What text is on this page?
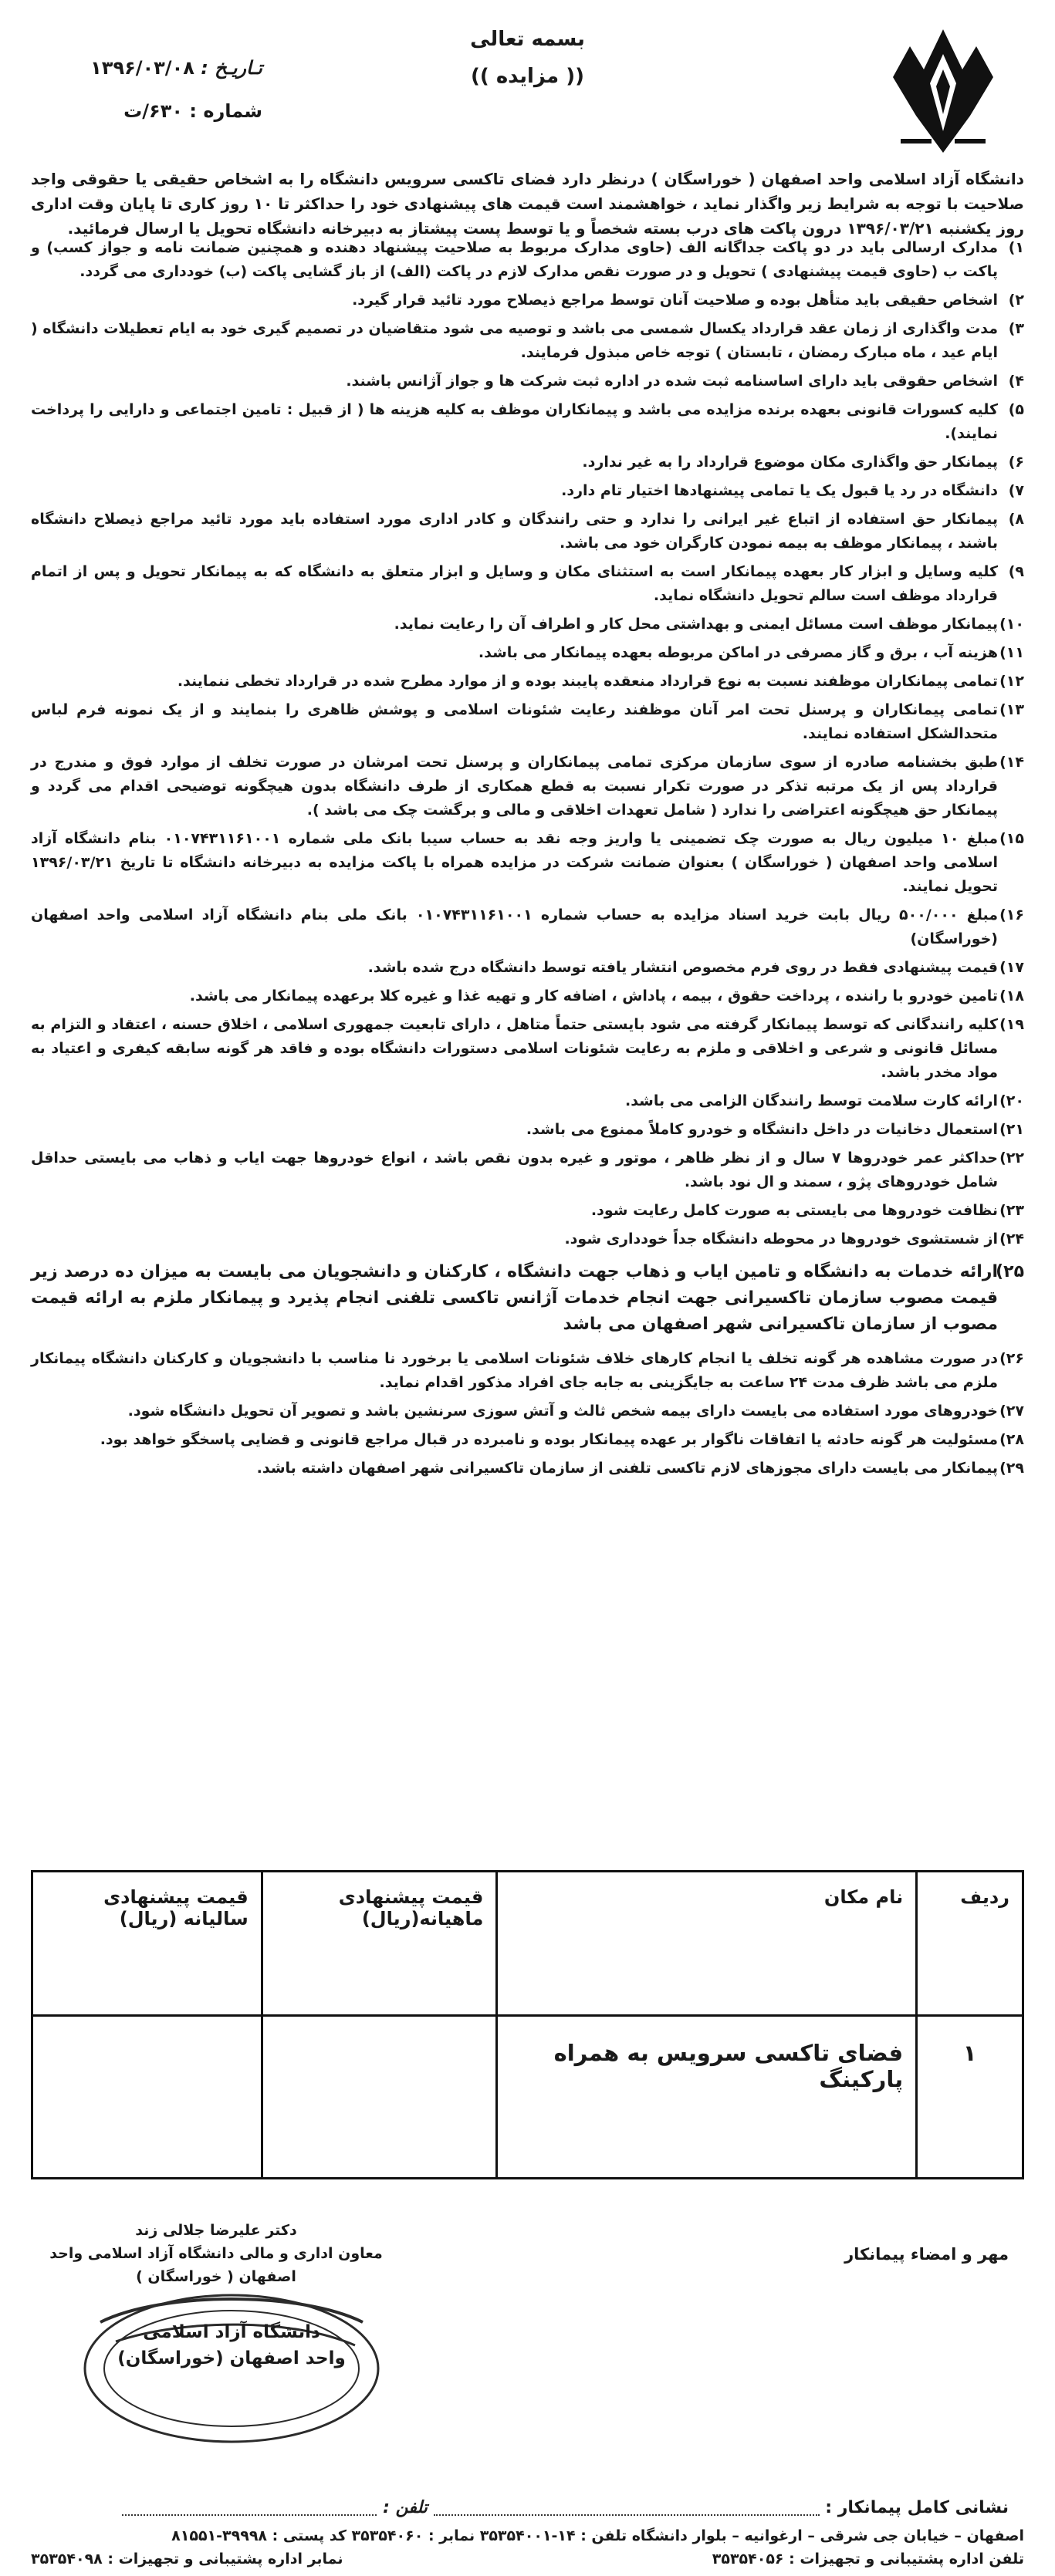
بسمه تعالی

(( مزایده ))

تـاریـخ : ۱۳۹۶/۰۳/۰۸
شماره : ۶۳۰/ت

دانشگاه آزاد اسلامی واحد اصفهان ( خوراسگان ) درنظر دارد فضای تاکسی سرویس دانشگاه را به اشخاص حقیقی یا حقوقی واجد صلاحیت با توجه به شرایط زیر واگذار نماید ، خواهشمند است قیمت های پیشنهادی خود را حداکثر تا ۱۰ روز کاری تا پایان وقت اداری روز یکشنبه ۱۳۹۶/۰۳/۲۱ درون پاکت های درب بسته شخصاً و یا توسط پست پیشتاز به دبیرخانه دانشگاه تحویل یا ارسال فرمائید.

۱)
مدارک ارسالی باید در دو پاکت جداگانه الف (حاوی مدارک مربوط به صلاحیت پیشنهاد دهنده و همچنین ضمانت نامه و جواز کسب) و پاکت ب (حاوی قیمت پیشنهادی ) تحویل و در صورت نقص مدارک لازم در پاکت (الف) از باز گشایی پاکت (ب) خودداری می گردد.
۲)
اشخاص حقیقی باید متأهل بوده و صلاحیت آنان توسط مراجع ذیصلاح مورد تائید قرار گیرد.
۳)
مدت واگذاری از زمان عقد قرارداد یکسال شمسی می باشد و توصیه می شود متقاضیان در تصمیم گیری خود به ایام تعطیلات دانشگاه ( ایام عید ، ماه مبارک رمضان ، تابستان ) توجه خاص مبذول فرمایند.
۴)
اشخاص حقوقی باید دارای اساسنامه ثبت شده در اداره ثبت شرکت ها و جواز آژانس باشند.
۵)
کلیه کسورات قانونی بعهده برنده مزایده می باشد و پیمانکاران موظف به کلیه هزینه ها ( از قبیل : تامین اجتماعی و دارایی را پرداخت نمایند).
۶)
پیمانکار حق واگذاری مکان موضوع قرارداد را به غیر ندارد.
۷)
دانشگاه در رد یا قبول یک یا تمامی پیشنهادها اختیار تام دارد.
۸)
پیمانکار حق استفاده از اتباع غیر ایرانی را ندارد و حتی رانندگان و کادر اداری مورد استفاده باید مورد تائید مراجع ذیصلاح دانشگاه باشند ، پیمانکار موظف به بیمه نمودن کارگران خود می باشد.
۹)
کلیه وسایل و ابزار کار بعهده پیمانکار است به استثنای مکان و وسایل و ابزار متعلق به دانشگاه که به پیمانکار تحویل و پس از اتمام قرارداد موظف است سالم تحویل دانشگاه نماید.
۱۰)
پیمانکار موظف است مسائل ایمنی و بهداشتی محل کار و اطراف آن را رعایت نماید.
۱۱)
هزینه آب ، برق و گاز مصرفی در اماکن مربوطه بعهده پیمانکار می باشد.
۱۲)
تمامی پیمانکاران موظفند نسبت به نوع قرارداد منعقده پایبند بوده و از موارد مطرح شده در قرارداد تخطی ننمایند.
۱۳)
تمامی پیمانکاران و پرسنل تحت امر آنان موظفند رعایت شئونات اسلامی و پوشش ظاهری را بنمایند و از یک نمونه فرم لباس متحدالشکل استفاده نمایند.
۱۴)
طبق بخشنامه صادره از سوی سازمان مرکزی تمامی پیمانکاران و پرسنل تحت امرشان در صورت تخلف از موارد فوق و مندرج در قرارداد پس از یک مرتبه تذکر در صورت تکرار نسبت به قطع همکاری از طرف دانشگاه بدون هیچگونه توضیحی اقدام می گردد و پیمانکار حق هیچگونه اعتراضی را ندارد ( شامل تعهدات اخلاقی و مالی و برگشت چک می باشد ).
۱۵)
مبلغ ۱۰ میلیون ریال به صورت چک تضمینی یا واریز وجه نقد به حساب سیبا بانک ملی شماره ۰۱۰۷۴۳۱۱۶۱۰۰۱ بنام دانشگاه آزاد اسلامی واحد اصفهان ( خوراسگان ) بعنوان ضمانت شرکت در مزایده همراه با پاکت مزایده به دبیرخانه دانشگاه تا تاریخ ۱۳۹۶/۰۳/۲۱ تحویل نمایند.
۱۶)
مبلغ ۵۰۰/۰۰۰ ریال بابت خرید اسناد مزایده به حساب شماره ۰۱۰۷۴۳۱۱۶۱۰۰۱ بانک ملی بنام دانشگاه آزاد اسلامی واحد اصفهان (خوراسگان)
۱۷)
قیمت پیشنهادی فقط در روی فرم مخصوص انتشار یافته توسط دانشگاه درج شده باشد.
۱۸)
تامین خودرو با راننده ، پرداخت حقوق ، بیمه ، پاداش ، اضافه کار و تهیه غذا و غیره کلا برعهده پیمانکار می باشد.
۱۹)
کلیه رانندگانی که توسط پیمانکار گرفته می شود بایستی حتماً متاهل ، دارای تابعیت جمهوری اسلامی ، اخلاق حسنه ، اعتقاد و التزام به مسائل قانونی و شرعی و اخلاقی و ملزم به رعایت شئونات اسلامی دستورات دانشگاه بوده و فاقد هر گونه سابقه کیفری و اعتیاد به مواد مخدر باشد.
۲۰)
ارائه کارت سلامت توسط رانندگان الزامی می باشد.
۲۱)
استعمال دخانیات در داخل دانشگاه و خودرو کاملاً ممنوع می باشد.
۲۲)
حداکثر عمر خودروها ۷ سال و از نظر ظاهر ، موتور و غیره بدون نقص باشد ، انواع خودروها جهت ایاب و ذهاب می بایستی حداقل شامل خودروهای پژو ، سمند و ال نود باشد.
۲۳)
نظافت خودروها می بایستی به صورت کامل رعایت شود.
۲۴)
از شستشوی خودروها در محوطه دانشگاه جداً خودداری شود.
۲۵)
ارائه خدمات به دانشگاه و تامین ایاب و ذهاب جهت دانشگاه ، کارکنان و دانشجویان می بایست به میزان ده درصد زیر قیمت مصوب سازمان تاکسیرانی جهت انجام خدمات آژانس تاکسی تلفنی انجام پذیرد و پیمانکار ملزم به ارائه قیمت مصوب از سازمان تاکسیرانی شهر اصفهان می باشد
۲۶)
در صورت مشاهده هر گونه تخلف یا انجام کارهای خلاف شئونات اسلامی یا برخورد نا مناسب با دانشجویان و کارکنان دانشگاه پیمانکار ملزم می باشد ظرف مدت ۲۴ ساعت به جایگزینی به جابه جای افراد مذکور اقدام نماید.
۲۷)
خودروهای مورد استفاده می بایست دارای بیمه شخص ثالث و آتش سوزی سرنشین باشد و تصویر آن تحویل دانشگاه شود.
۲۸)
مسئولیت هر گونه حادثه یا اتفاقات ناگوار بر عهده پیمانکار بوده و نامبرده در قبال مراجع قانونی و قضایی پاسخگو خواهد بود.
۲۹)
پیمانکار می بایست دارای مجوزهای لازم تاکسی تلفنی از سازمان تاکسیرانی شهر اصفهان داشته باشد.
ردیف	نام مکان	قیمت پیشنهادی ماهیانه(ریال)	قیمت پیشنهادی سالیانه (ریال)
۱	فضای تاکسی سرویس به همراه پارکینگ		
مهر و امضاء پیمانکار
دکتر علیرضا جلالی زند
معاون اداری و مالی دانشگاه آزاد اسلامی واحد اصفهان ( خوراسگان )
دانشگاه آزاد اسلامی
واحد اصفهان (خوراسگان)
نشانی کامل پیمانکار :  تلفن :
اصفهان – خیابان جی شرقی – ارغوانیه – بلوار دانشگاه تلفن : ۱۴-۳۵۳۵۴۰۰۱ نمابر : ۳۵۳۵۴۰۶۰ کد پستی : ۳۹۹۹۸-۸۱۵۵۱
تلفن اداره پشتیبانی و تجهیزات : ۳۵۳۵۴۰۵۶
نمابر اداره پشتیبانی و تجهیزات : ۳۵۳۵۴۰۹۸
